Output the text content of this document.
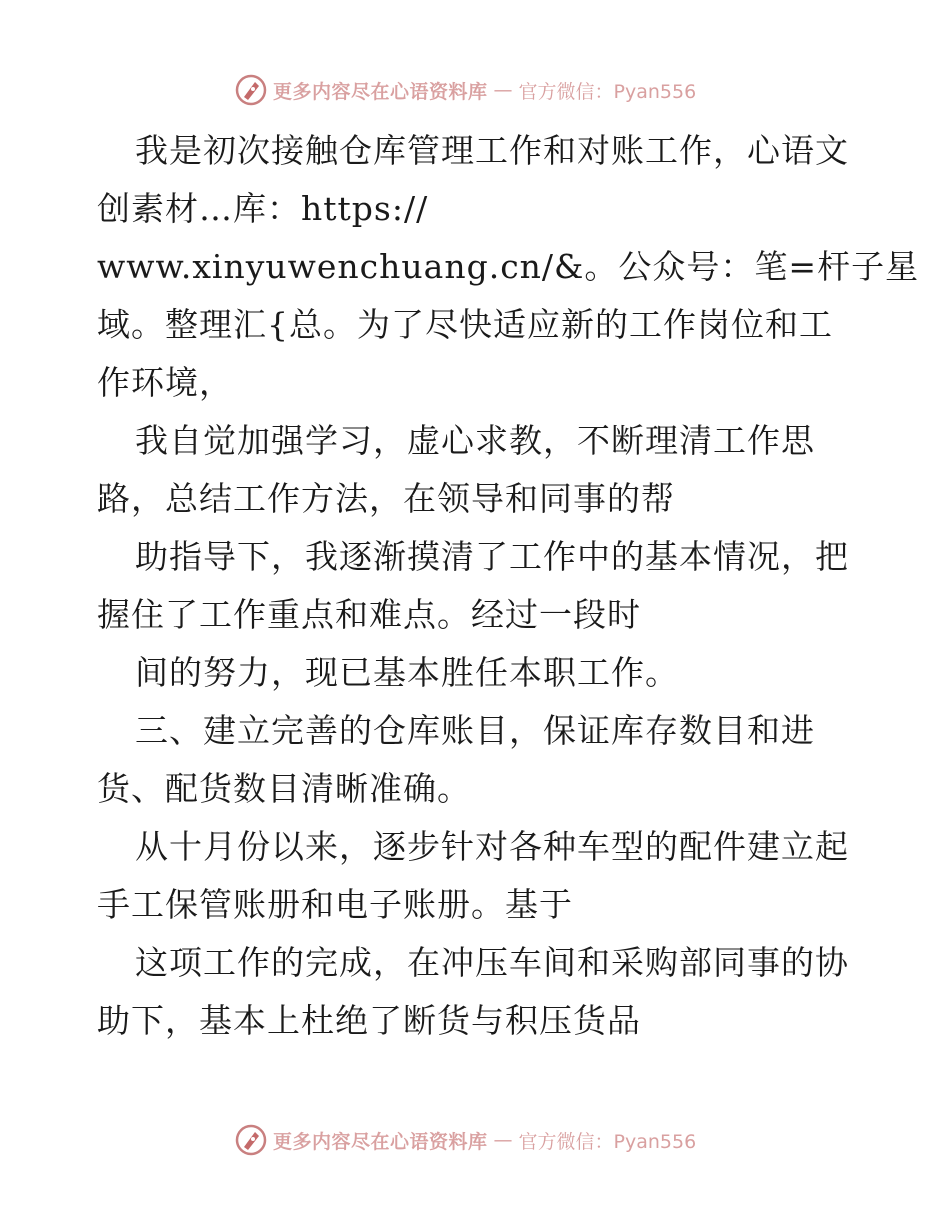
更多内容尽在心语资料库 — 官方微信：Pyan556
我是初次接触仓库管理工作和对账工作，心语文
创素材…库：https://
www.xinyuwenchuang.cn/&。公众号：笔=杆子星
域。整理汇{总。为了尽快适应新的工作岗位和工
作环境，
我自觉加强学习，虚心求教，不断理清工作思
路，总结工作方法，在领导和同事的帮
助指导下，我逐渐摸清了工作中的基本情况，把
握住了工作重点和难点。经过一段时
间的努力，现已基本胜任本职工作。
三、建立完善的仓库账目，保证库存数目和进
货、配货数目清晰准确。
从十月份以来，逐步针对各种车型的配件建立起
手工保管账册和电子账册。基于
这项工作的完成，在冲压车间和采购部同事的协
助下，基本上杜绝了断货与积压货品
更多内容尽在心语资料库 — 官方微信：Pyan556
